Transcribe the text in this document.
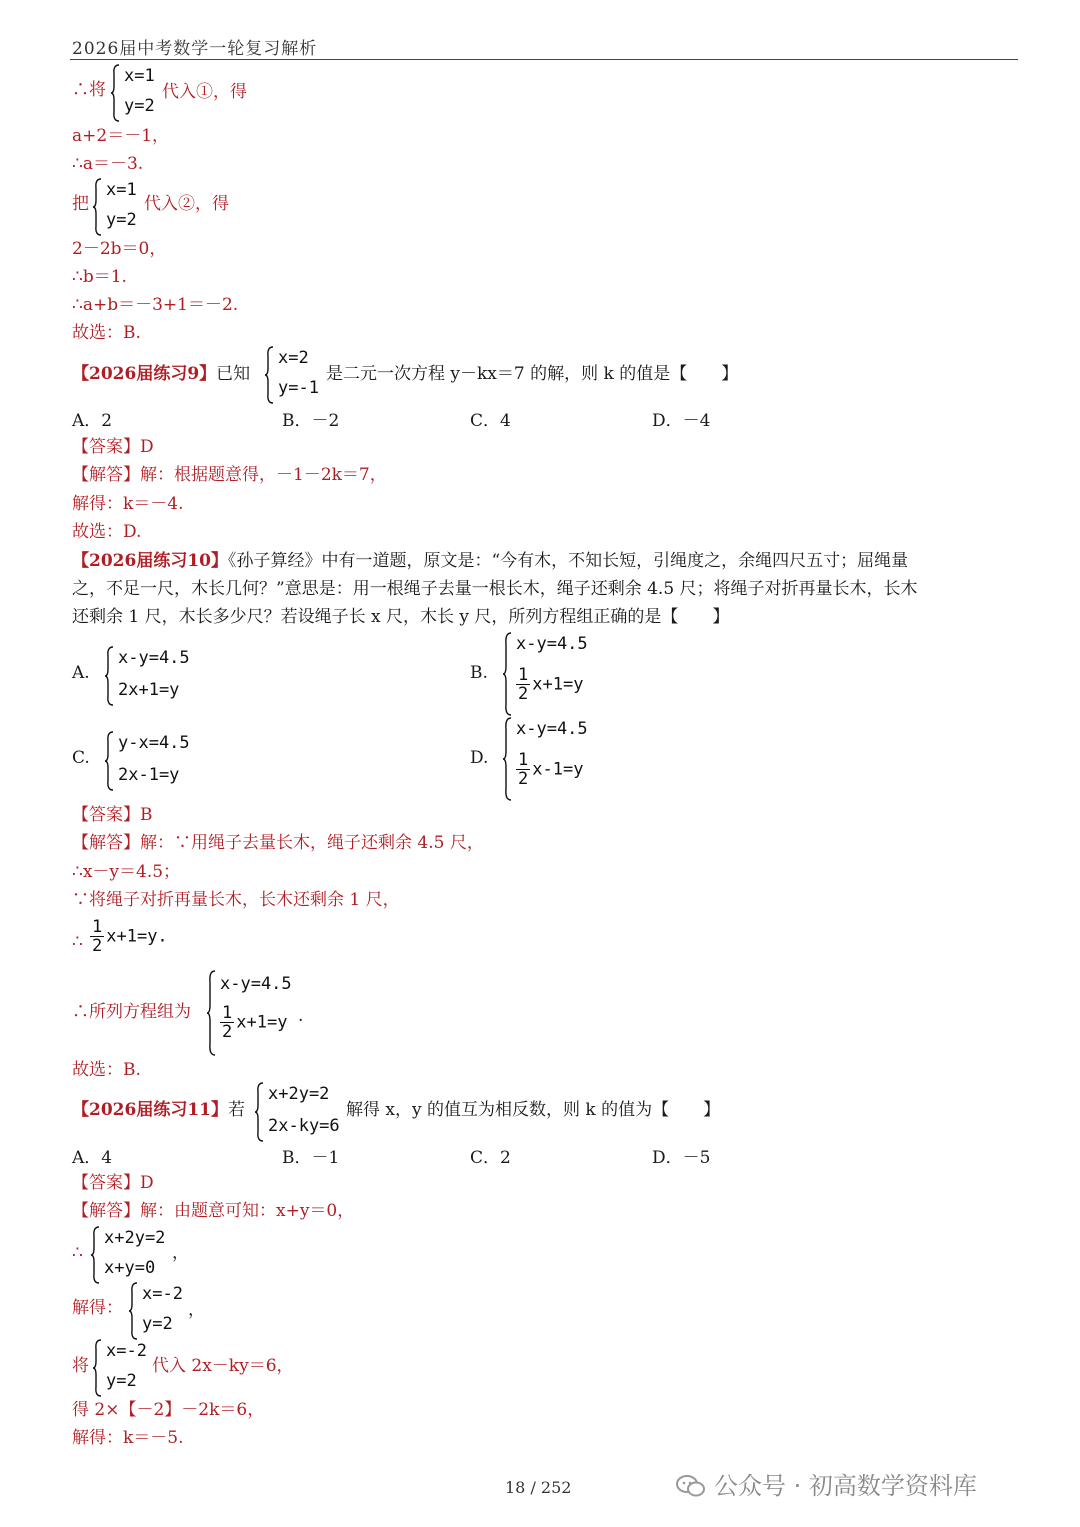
2026届中考数学一轮复习解析
∴将
x=1
y=2
代入①，得
a+2＝－1，
∴a＝－3.
把
x=1
y=2
代入②，得
2－2b＝0，
∴b＝1.
∴a+b＝－3+1＝－2.
故选：B.
【2026届练习9】已知
x=2
y=-1
是二元一次方程 y－kx＝7 的解，则 k 的值是【　　】
A．2	B．－2	C．4	D．－4
【答案】D
【解答】解：根据题意得，－1－2k＝7，
解得：k＝－4.
故选：D.
【2026届练习10】《孙子算经》中有一道题，原文是：“今有木，不知长短，引绳度之，余绳四尺五寸；屈绳量
之，不足一尺，木长几何？”意思是：用一根绳子去量一根长木，绳子还剩余 4.5 尺；将绳子对折再量长木，长木
还剩余 1 尺，木长多少尺？若设绳子长 x 尺，木长 y 尺，所列方程组正确的是【　　】
A.
x-y=4.5
2x+1=y
B.
x-y=4.5
$\frac{1}{2} x+1=y$
C.
y-x=4.5
2x-1=y
D.
x-y=4.5
$\frac{1}{2} x-1=y$
【答案】B
【解答】解：∵用绳子去量长木，绳子还剩余 4.5 尺，
∴x－y＝4.5；
∵将绳子对折再量长木，长木还剩余 1 尺，
∴ $\frac{1}{2} x+1=y$.
∴所列方程组为
x-y=4.5
$\frac{1}{2} x+1=y$ .
故选：B.
【2026届练习11】若
x+2y=2
2x-ky=6
解得 x，y 的值互为相反数，则 k 的值为【　　】
A．4	B．－1	C．2	D．－5
【答案】D
【解答】解：由题意可知：x+y＝0，
∴
x+2y=2
x+y=0
，
解得：
x=-2
y=2
，
将
x=-2
y=2
代入 2x－ky＝6，
得 2×【－2】－2k＝6，
解得：k＝－5.
18 / 252	公众号 · 初高数学资料库
